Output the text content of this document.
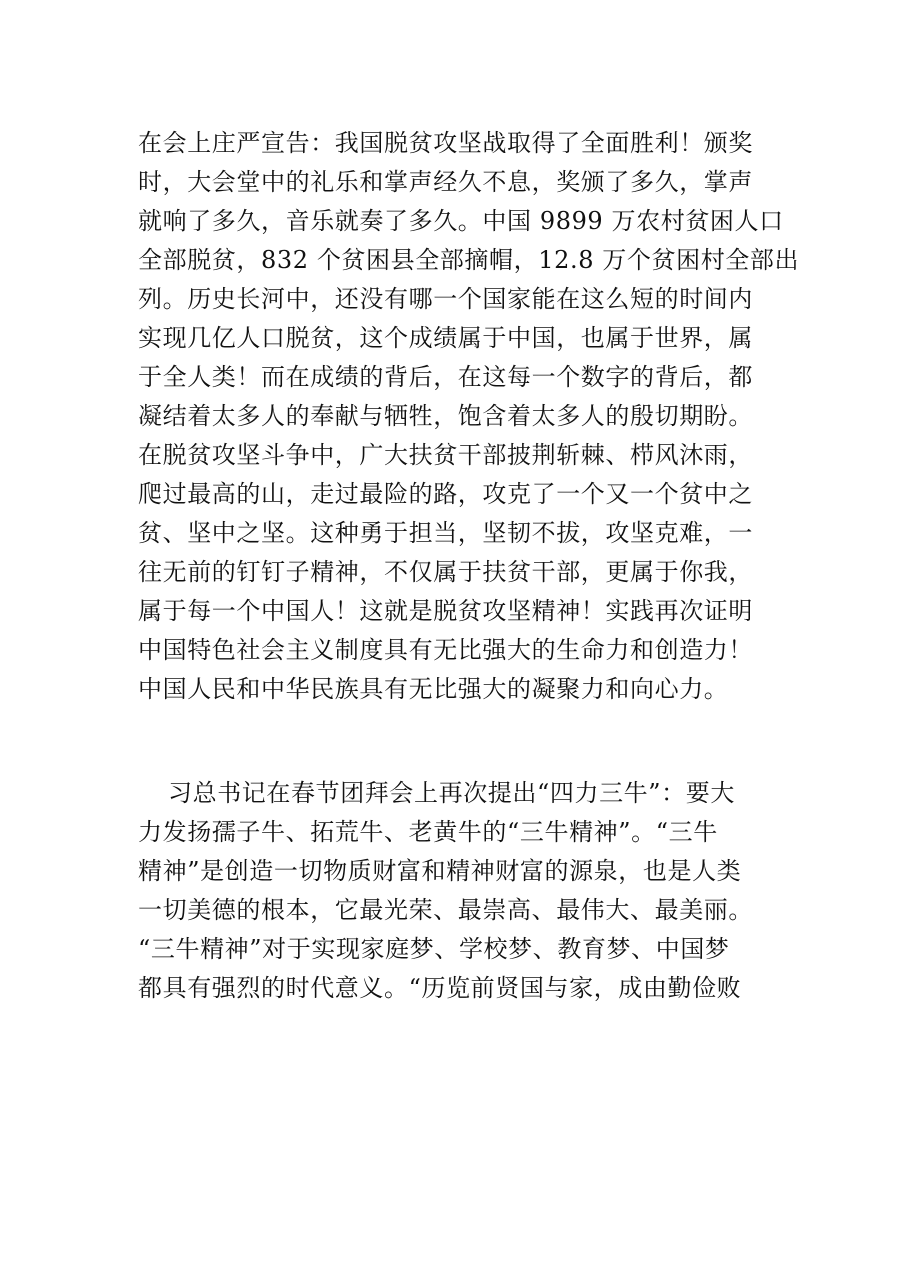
在会上庄严宣告：我国脱贫攻坚战取得了全面胜利！颁奖
时，大会堂中的礼乐和掌声经久不息，奖颁了多久，掌声
就响了多久，音乐就奏了多久。中国 9899 万农村贫困人口
全部脱贫，832 个贫困县全部摘帽，12.8 万个贫困村全部出
列。历史长河中，还没有哪一个国家能在这么短的时间内
实现几亿人口脱贫，这个成绩属于中国，也属于世界，属
于全人类！而在成绩的背后，在这每一个数字的背后，都
凝结着太多人的奉献与牺牲，饱含着太多人的殷切期盼。
在脱贫攻坚斗争中，广大扶贫干部披荆斩棘、栉风沐雨，
爬过最高的山，走过最险的路，攻克了一个又一个贫中之
贫、坚中之坚。这种勇于担当，坚韧不拔，攻坚克难，一
往无前的钉钉子精神，不仅属于扶贫干部，更属于你我，
属于每一个中国人！这就是脱贫攻坚精神！实践再次证明
中国特色社会主义制度具有无比强大的生命力和创造力！
中国人民和中华民族具有无比强大的凝聚力和向心力。
习总书记在春节团拜会上再次提出“四力三牛”：要大
力发扬孺子牛、拓荒牛、老黄牛的“三牛精神”。“三牛
精神”是创造一切物质财富和精神财富的源泉，也是人类
一切美德的根本，它最光荣、最崇高、最伟大、最美丽。
“三牛精神”对于实现家庭梦、学校梦、教育梦、中国梦
都具有强烈的时代意义。“历览前贤国与家，成由勤俭败
